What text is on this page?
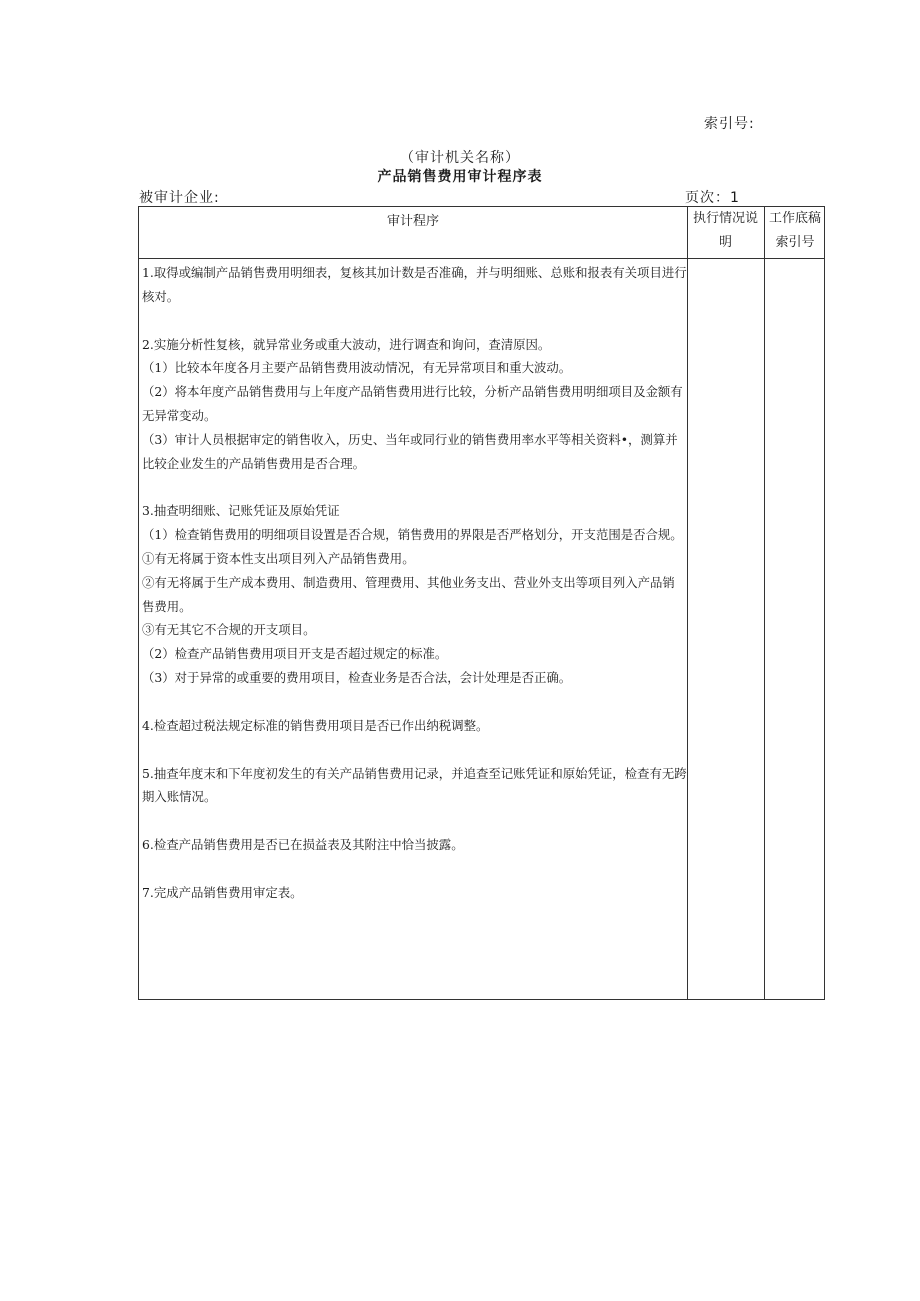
索引号:
（审计机关名称）
产品销售费用审计程序表
被审计企业:	页次：1
审计程序	执行情况说
明
工作底稿
索引号

1.取得或编制产品销售费用明细表，复核其加计数是否准确，并与明细账、总账和报表有关项目进行核对。

2.实施分析性复核，就异常业务或重大波动，进行调查和询问，查清原因。

（1）比较本年度各月主要产品销售费用波动情况，有无异常项目和重大波动。

（2）将本年度产品销售费用与上年度产品销售费用进行比较，分析产品销售费用明细项目及金额有无异常变动。

（3）审计人员根据审定的销售收入，历史、当年或同行业的销售费用率水平等相关资料•，测算并比较企业发生的产品销售费用是否合理。

3.抽查明细账、记账凭证及原始凭证

（1）检查销售费用的明细项目设置是否合规，销售费用的界限是否严格划分，开支范围是否合规。

①有无将属于资本性支出项目列入产品销售费用。

②有无将属于生产成本费用、制造费用、管理费用、其他业务支出、营业外支出等项目列入产品销售费用。

③有无其它不合规的开支项目。

（2）检查产品销售费用项目开支是否超过规定的标准。

（3）对于异常的或重要的费用项目，检查业务是否合法，会计处理是否正确。

4.检查超过税法规定标准的销售费用项目是否已作出纳税调整。

5.抽查年度末和下年度初发生的有关产品销售费用记录，并追查至记账凭证和原始凭证，检查有无跨期入账情况。

6.检查产品销售费用是否已在损益表及其附注中恰当披露。

7.完成产品销售费用审定表。
